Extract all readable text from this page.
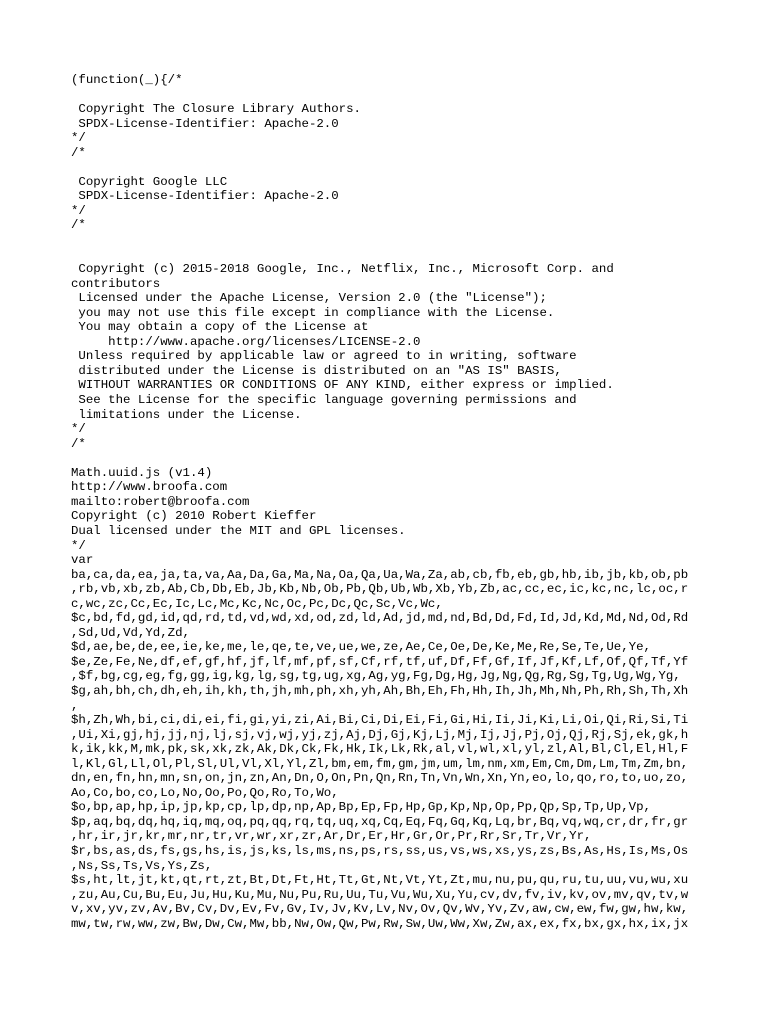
(function(_){/*
Copyright The Closure Library Authors.
SPDX-License-Identifier: Apache-2.0
*/
/*
Copyright Google LLC
SPDX-License-Identifier: Apache-2.0
*/
/*
Copyright (c) 2015-2018 Google, Inc., Netflix, Inc., Microsoft Corp. and
contributors
Licensed under the Apache License, Version 2.0 (the "License");
you may not use this file except in compliance with the License.
You may obtain a copy of the License at
http://www.apache.org/licenses/LICENSE-2.0
Unless required by applicable law or agreed to in writing, software
distributed under the License is distributed on an "AS IS" BASIS,
WITHOUT WARRANTIES OR CONDITIONS OF ANY KIND, either express or implied.
See the License for the specific language governing permissions and
limitations under the License.
*/
/*
Math.uuid.js (v1.4)
http://www.broofa.com
mailto:robert@broofa.com
Copyright (c) 2010 Robert Kieffer
Dual licensed under the MIT and GPL licenses.
*/
var
ba,ca,da,ea,ja,ta,va,Aa,Da,Ga,Ma,Na,Oa,Qa,Ua,Wa,Za,ab,cb,fb,eb,gb,hb,ib,jb,kb,ob,pb
,rb,vb,xb,zb,Ab,Cb,Db,Eb,Jb,Kb,Nb,Ob,Pb,Qb,Ub,Wb,Xb,Yb,Zb,ac,cc,ec,ic,kc,nc,lc,oc,r
c,wc,zc,Cc,Ec,Ic,Lc,Mc,Kc,Nc,Oc,Pc,Dc,Qc,Sc,Vc,Wc,
$c,bd,fd,gd,id,qd,rd,td,vd,wd,xd,od,zd,ld,Ad,jd,md,nd,Bd,Dd,Fd,Id,Jd,Kd,Md,Nd,Od,Rd
,Sd,Ud,Vd,Yd,Zd,
$d,ae,be,de,ee,ie,ke,me,le,qe,te,ve,ue,we,ze,Ae,Ce,Oe,De,Ke,Me,Re,Se,Te,Ue,Ye,
$e,Ze,Fe,Ne,df,ef,gf,hf,jf,lf,mf,pf,sf,Cf,rf,tf,uf,Df,Ff,Gf,If,Jf,Kf,Lf,Of,Qf,Tf,Yf
,$f,bg,cg,eg,fg,gg,ig,kg,lg,sg,tg,ug,xg,Ag,yg,Fg,Dg,Hg,Jg,Ng,Qg,Rg,Sg,Tg,Ug,Wg,Yg,
$g,ah,bh,ch,dh,eh,ih,kh,th,jh,mh,ph,xh,yh,Ah,Bh,Eh,Fh,Hh,Ih,Jh,Mh,Nh,Ph,Rh,Sh,Th,Xh
,
$h,Zh,Wh,bi,ci,di,ei,fi,gi,yi,zi,Ai,Bi,Ci,Di,Ei,Fi,Gi,Hi,Ii,Ji,Ki,Li,Oi,Qi,Ri,Si,Ti
,Ui,Xi,gj,hj,jj,nj,lj,sj,vj,wj,yj,zj,Aj,Dj,Gj,Kj,Lj,Mj,Ij,Jj,Pj,Oj,Qj,Rj,Sj,ek,gk,h
k,ik,kk,M,mk,pk,sk,xk,zk,Ak,Dk,Ck,Fk,Hk,Ik,Lk,Rk,al,vl,wl,xl,yl,zl,Al,Bl,Cl,El,Hl,F
l,Kl,Gl,Ll,Ol,Pl,Sl,Ul,Vl,Xl,Yl,Zl,bm,em,fm,gm,jm,um,lm,nm,xm,Em,Cm,Dm,Lm,Tm,Zm,bn,
dn,en,fn,hn,mn,sn,on,jn,zn,An,Dn,O,On,Pn,Qn,Rn,Tn,Vn,Wn,Xn,Yn,eo,lo,qo,ro,to,uo,zo,
Ao,Co,bo,co,Lo,No,Oo,Po,Qo,Ro,To,Wo,
$o,bp,ap,hp,ip,jp,kp,cp,lp,dp,np,Ap,Bp,Ep,Fp,Hp,Gp,Kp,Np,Op,Pp,Qp,Sp,Tp,Up,Vp,
$p,aq,bq,dq,hq,iq,mq,oq,pq,qq,rq,tq,uq,xq,Cq,Eq,Fq,Gq,Kq,Lq,br,Bq,vq,wq,cr,dr,fr,gr
,hr,ir,jr,kr,mr,nr,tr,vr,wr,xr,zr,Ar,Dr,Er,Hr,Gr,Or,Pr,Rr,Sr,Tr,Vr,Yr,
$r,bs,as,ds,fs,gs,hs,is,js,ks,ls,ms,ns,ps,rs,ss,us,vs,ws,xs,ys,zs,Bs,As,Hs,Is,Ms,Os
,Ns,Ss,Ts,Vs,Ys,Zs,
$s,ht,lt,jt,kt,qt,rt,zt,Bt,Dt,Ft,Ht,Tt,Gt,Nt,Vt,Yt,Zt,mu,nu,pu,qu,ru,tu,uu,vu,wu,xu
,zu,Au,Cu,Bu,Eu,Ju,Hu,Ku,Mu,Nu,Pu,Ru,Uu,Tu,Vu,Wu,Xu,Yu,cv,dv,fv,iv,kv,ov,mv,qv,tv,w
v,xv,yv,zv,Av,Bv,Cv,Dv,Ev,Fv,Gv,Iv,Jv,Kv,Lv,Nv,Ov,Qv,Wv,Yv,Zv,aw,cw,ew,fw,gw,hw,kw,
mw,tw,rw,ww,zw,Bw,Dw,Cw,Mw,bb,Nw,Ow,Qw,Pw,Rw,Sw,Uw,Ww,Xw,Zw,ax,ex,fx,bx,gx,hx,ix,jx
